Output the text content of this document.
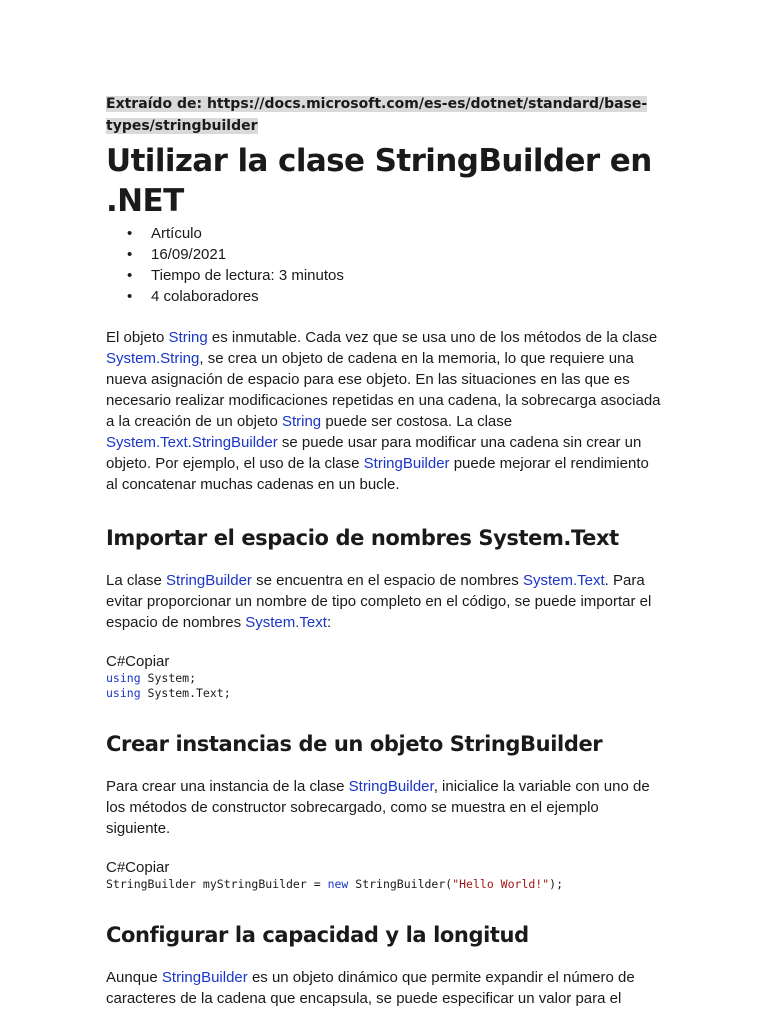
Extraído de: https://docs.microsoft.com/es-es/dotnet/standard/base-
types/stringbuilder

Utilizar la clase StringBuilder en .NET
• Artículo
• 16/09/2021
• Tiempo de lectura: 3 minutos
• 4 colaboradores

El objeto String es inmutable. Cada vez que se usa uno de los métodos de la clase System.String, se crea un objeto de cadena en la memoria, lo que requiere una nueva asignación de espacio para ese objeto. En las situaciones en las que es necesario realizar modificaciones repetidas en una cadena, la sobrecarga asociada a la creación de un objeto String puede ser costosa. La clase System.Text.StringBuilder se puede usar para modificar una cadena sin crear un objeto. Por ejemplo, el uso de la clase StringBuilder puede mejorar el rendimiento al concatenar muchas cadenas en un bucle.

Importar el espacio de nombres System.Text

La clase StringBuilder se encuentra en el espacio de nombres System.Text. Para evitar proporcionar un nombre de tipo completo en el código, se puede importar el espacio de nombres System.Text:

C#Copiar
using System;
using System.Text;
Crear instancias de un objeto StringBuilder

Para crear una instancia de la clase StringBuilder, inicialice la variable con uno de los métodos de constructor sobrecargado, como se muestra en el ejemplo siguiente.

C#Copiar
StringBuilder myStringBuilder = new StringBuilder("Hello World!");
Configurar la capacidad y la longitud

Aunque StringBuilder es un objeto dinámico que permite expandir el número de caracteres de la cadena que encapsula, se puede especificar un valor para el
